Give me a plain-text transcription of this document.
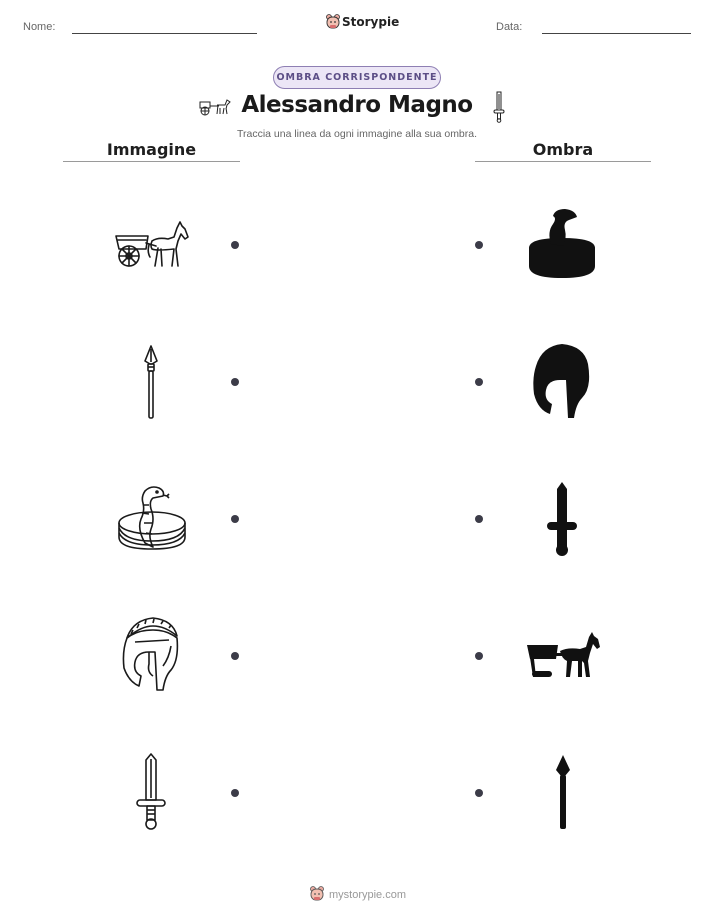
Nome:	Storypie	Data:
OMBRA CORRISPONDENTE
Alessandro Magno
Traccia una linea da ogni immagine alla sua ombra.
Immagine	Ombra
mystorypie.com
